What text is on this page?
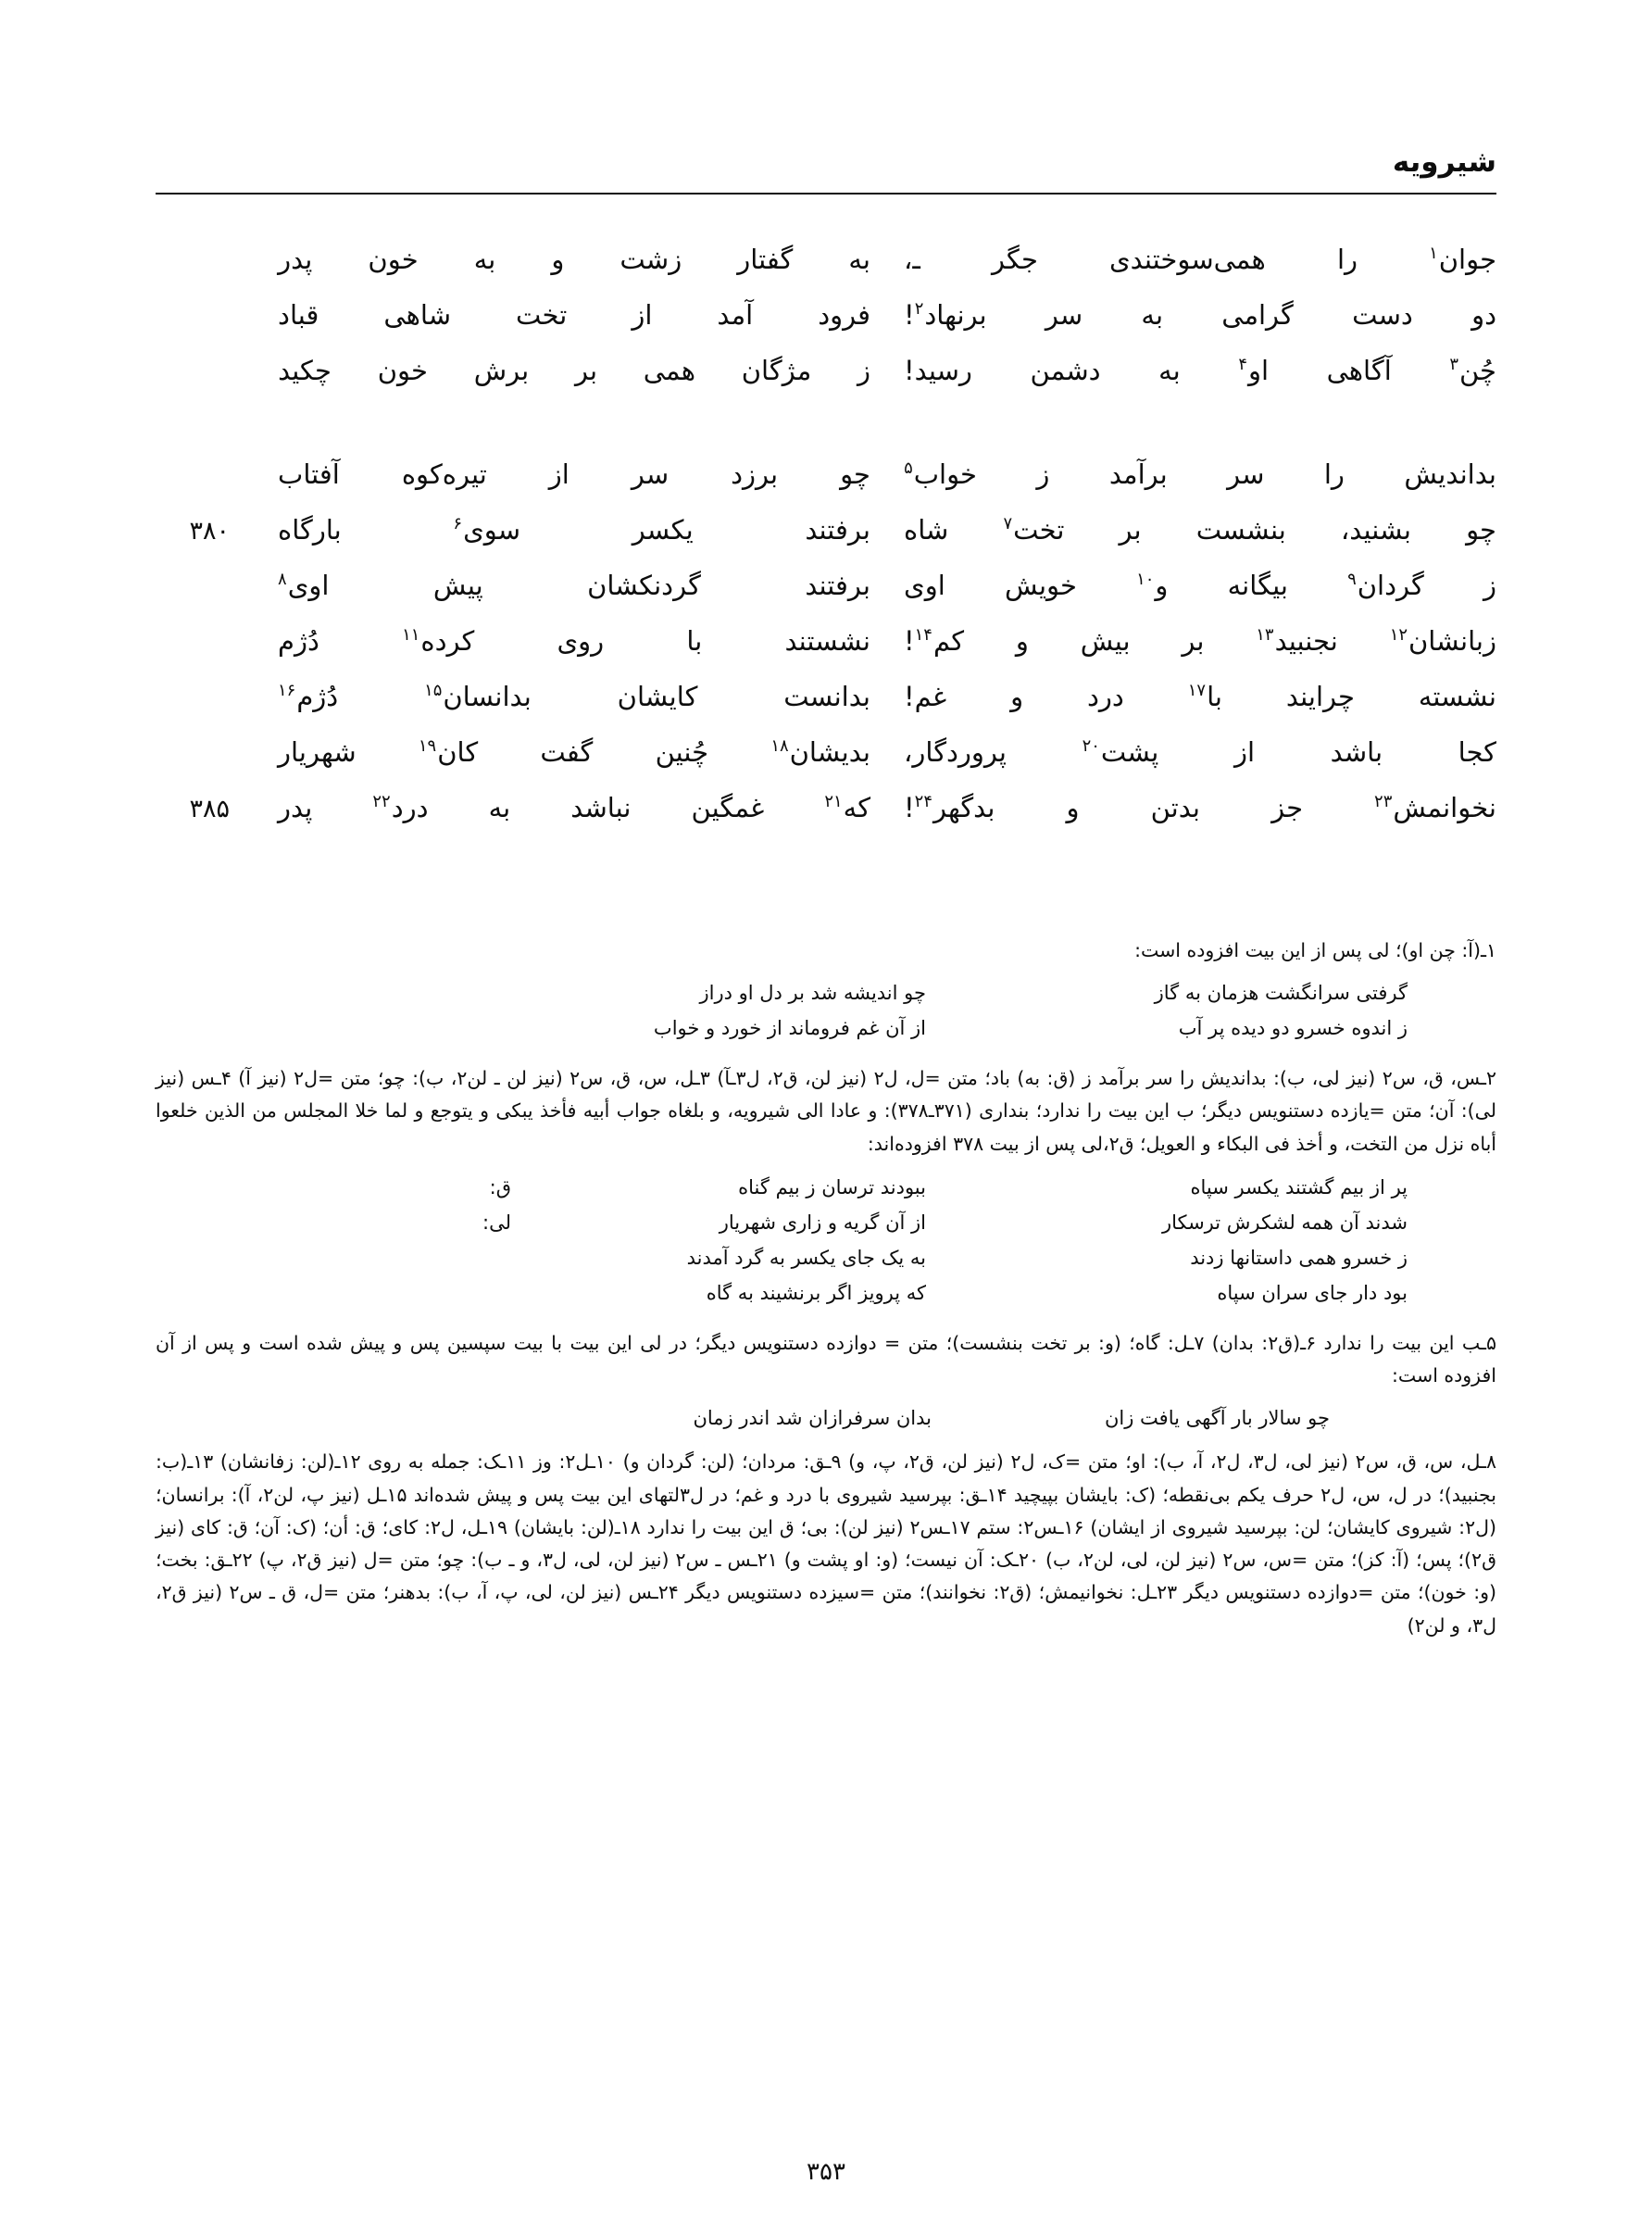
شیرویه
جوان$^۱$
را
همی‌سوختندی
جگر
ـ،
به
گفتار
زشت
و
به
خون
پدر
دو
دست
گرامی
به
سر
برنهاد$^۲$!
فرود
آمد
از
تخت
شاهی
قباد
چُن$^۳$
آگاهی
او$^۴$
به
دشمن
رسید!
ز
مژگان
همی
بر
برش
خون
چکید
بداندیش
را
سر
برآمد
ز
خواب$^۵$
چو
برزد
سر
از
تیره‌کوه
آفتاب
چو
بشنید،
بنشست
بر
تخت$^۷$
شاه
برفتند
یکسر
سوی$^۶$
بارگاه
۳۸۰
ز
گردان$^۹$
بیگانه
و$^{۱۰}$
خویش
اوی
برفتند
گردنکشان
پیش
اوی$^۸$
زبانشان$^{۱۲}$
نجنبید$^{۱۳}$
بر
بیش
و
کم$^{۱۴}$!
نشستند
با
روی
کرده$^{۱۱}$
دُژم
نشسته
چرایند
با$^{۱۷}$
درد
و
غم!
بدانست
کایشان
بدانسان$^{۱۵}$
دُژم$^{۱۶}$
کجا
باشد
از
پشت$^{۲۰}$
پروردگار،
بدیشان$^{۱۸}$
چُنین
گفت
کان$^{۱۹}$
شهریار
نخوانمش$^{۲۳}$
جز
بدتن
و
بدگهر$^{۲۴}$!
که$^{۲۱}$
غمگین
نباشد
به
درد$^{۲۲}$
پدر
۳۸۵

۱ـ(آ: چن او)؛ لی پس از این بیت افزوده است:

گرفتی سرانگشت هزمان به گاز
چو اندیشه شد بر دل او دراز
ز اندوه خسرو دو دیده پر آب
از آن غم فروماند از خورد و خواب

۲ـس، ق، س۲ (نیز لی، ب): بداندیش را سر برآمد ز (ق: به) باد؛ متن =ل، ل۲ (نیز لن، ق۲، ل۳ـآ) ۳ـل، س، ق، س۲ (نیز لن ـ لن۲، ب): چو؛ متن =ل۲ (نیز آ) ۴ـس (نیز لی): آن؛ متن =یازده دستنویس دیگر؛ ب این بیت را ندارد؛ بنداری (۳۷۱ـ۳۷۸): و عادا الی شیرویه، و بلغاه جواب أبیه فأخذ یبکی و یتوجع و لما خلا المجلس من الذین خلعوا أباه نزل من التخت، و أخذ فی البکاء و العویل؛ ق۲،لی پس از بیت ۳۷۸ افزوده‌اند:

پر از بیم گشتند یکسر سپاه
ببودند ترسان ز بیم گناه
ق:
شدند آن همه لشکرش ترسکار
از آن گریه و زاری شهریار
لی:
ز خسرو همی داستانها زدند
به یک جای یکسر به گرد آمدند
بود دار جای سران سپاه
که پرویز اگر برنشیند به گاه

۵ـب این بیت را ندارد ۶ـ(ق۲: بدان) ۷ـل: گاه؛ (و: بر تخت بنشست)؛ متن = دوازده دستنویس دیگر؛ در لی این بیت با بیت سپسین پس و پیش شده است و پس از آن افزوده است:

چو سالار بار آگهی یافت زان
بدان سرفرازان شد اندر زمان

۸ـل، س، ق، س۲ (نیز لی، ل۳، ل۲، آ، ب): او؛ متن =ک، ل۲ (نیز لن، ق۲، پ، و) ۹ـق: مردان؛ (لن: گردان و) ۱۰ـل۲: وز ۱۱ـک: جمله به روی ۱۲ـ(لن: زفانشان) ۱۳ـ(ب: بجنبید)؛ در ل، س، ل۲ حرف یکم بی‌نقطه؛ (ک: بایشان بپیچید ۱۴ـق: بپرسید شیروی با درد و غم؛ در ل۳لتهای این بیت پس و پیش شده‌اند ۱۵ـل (نیز پ، لن۲، آ): برانسان؛ (ل۲: شیروی کایشان؛ لن: بپرسید شیروی از ایشان) ۱۶ـس۲: ستم ۱۷ـس۲ (نیز لن): بی؛ ق این بیت را ندارد ۱۸ـ(لن: بایشان) ۱۹ـل، ل۲: کای؛ ق: أن؛ (ک: آن؛ ق: کای (نیز ق۲)؛ پس؛ (آ: کز)؛ متن =س، س۲ (نیز لن، لی، لن۲، ب) ۲۰ـک: آن نیست؛ (و: او پشت و) ۲۱ـس ـ س۲ (نیز لن، لی، ل۳، و ـ ب): چو؛ متن =ل (نیز ق۲، پ) ۲۲ـق: بخت؛ (و: خون)؛ متن =دوازده دستنویس دیگر ۲۳ـل: نخوانیمش؛ (ق۲: نخوانند)؛ متن =سیزده دستنویس دیگر ۲۴ـس (نیز لن، لی، پ، آ، ب): بدهنر؛ متن =ل، ق ـ س۲ (نیز ق۲، ل۳، و لن۲)

۳۵۳
